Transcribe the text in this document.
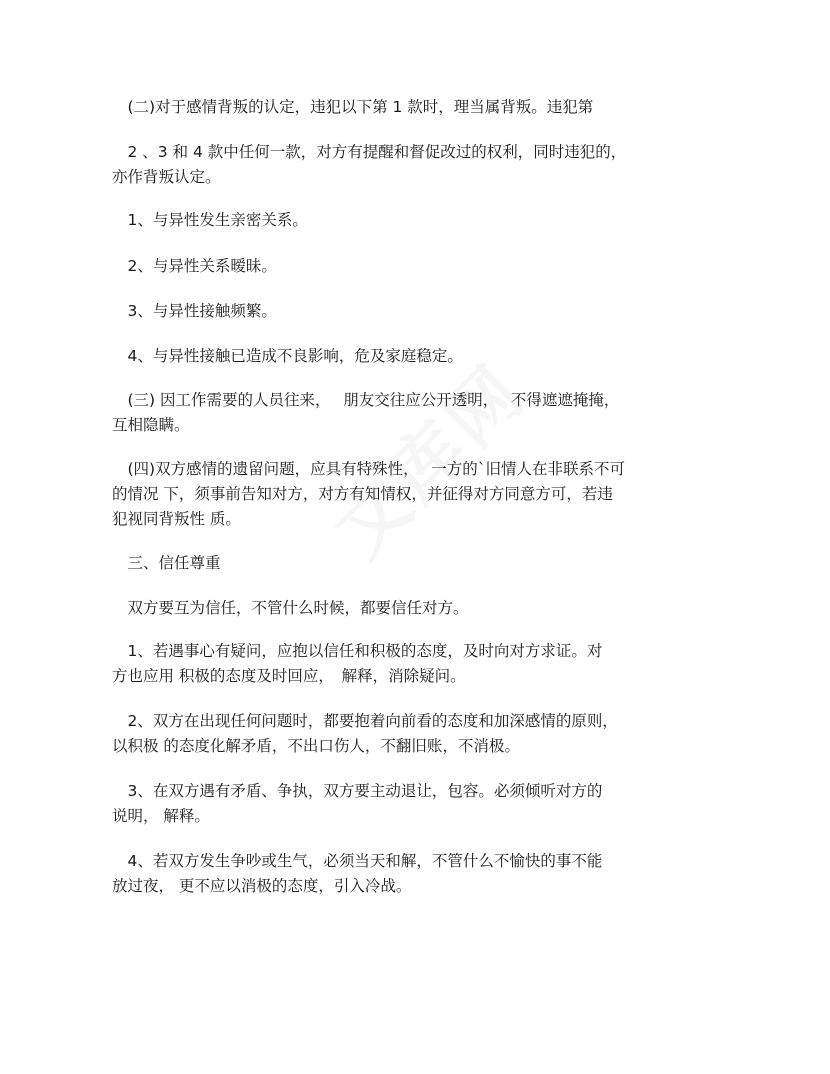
　(二)对于感情背叛的认定，违犯以下第 1 款时，理当属背叛。违犯第

　2 、3 和 4 款中任何一款，对方有提醒和督促改过的权利，同时违犯的，
亦作背叛认定。

　1、与异性发生亲密关系。

　2、与异性关系暧昧。

　3、与异性接触频繁。

　4、与异性接触已造成不良影响，危及家庭稳定。

　(三) 因工作需要的人员往来，　 朋友交往应公开透明，　 不得遮遮掩掩，
互相隐瞒。

　(四)双方感情的遗留问题，应具有特殊性，　 一方的`旧情人在非联系不可
的情况 下，须事前告知对方，对方有知情权，并征得对方同意方可，若违
犯视同背叛性 质。

　三、信任尊重

　双方要互为信任，不管什么时候，都要信任对方。

　1、若遇事心有疑问，应抱以信任和积极的态度，及时向对方求证。对
方也应用 积极的态度及时回应，　解释，消除疑问。

　2、双方在出现任何问题时，都要抱着向前看的态度和加深感情的原则，
以积极 的态度化解矛盾，不出口伤人，不翻旧账，不消极。

　3、在双方遇有矛盾、争执，双方要主动退让，包容。必须倾听对方的
说明， 解释。

　4、若双方发生争吵或生气，必须当天和解，不管什么不愉快的事不能
放过夜， 更不应以消极的态度，引入冷战。
